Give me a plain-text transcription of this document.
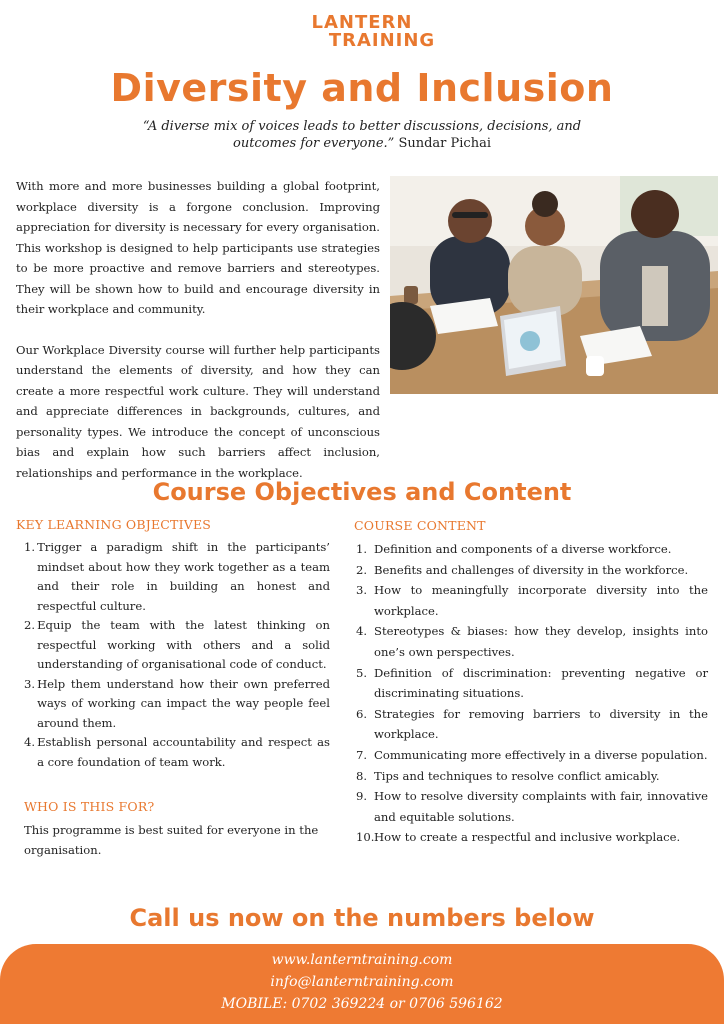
LANTERN
TRAINING
Diversity and Inclusion
“A diverse mix of voices leads to better discussions, decisions, and outcomes for everyone.” Sundar Pichai

With more and more businesses building a global footprint, workplace diversity is a forgone conclusion. Improving appreciation for diversity is necessary for every organisation. This workshop is designed to help participants use strategies to be more proactive and remove barriers and stereotypes. They will be shown how to build and encourage diversity in their workplace and community.

Our Workplace Diversity course will further help participants understand the elements of diversity, and how they can create a more respectful work culture. They will understand and appreciate differences in backgrounds, cultures, and personality types. We introduce the concept of unconscious bias and explain how such barriers affect inclusion, relationships and performance in the workplace.

Course Objectives and Content
KEY LEARNING OBJECTIVES
1. Trigger a paradigm shift in the participants’ mindset about how they work together as a team and their role in building an honest and respectful culture.
2. Equip the team with the latest thinking on respectful working with others and a solid understanding of organisational code of conduct.
3. Help them understand how their own preferred ways of working can impact the way people feel around them.
4. Establish personal accountability and respect as a core foundation of team work.
WHO IS THIS FOR?
This programme is best suited for everyone in the organisation.
COURSE CONTENT
1. Definition and components of a diverse workforce.
2. Benefits and challenges of diversity in the workforce.
3. How to meaningfully incorporate diversity into the workplace.
4. Stereotypes & biases: how they develop, insights into one’s own perspectives.
5. Definition of discrimination: preventing negative or discriminating situations.
6. Strategies for removing barriers to diversity in the workplace.
7. Communicating more effectively in a diverse population.
8. Tips and techniques to resolve conflict amicably.
9. How to resolve diversity complaints with fair, innovative and equitable solutions.
10. How to create a respectful and inclusive workplace.
Call us now on the numbers below
www.lanterntraining.com
info@lanterntraining.com
MOBILE: 0702 369224 or 0706 596162
